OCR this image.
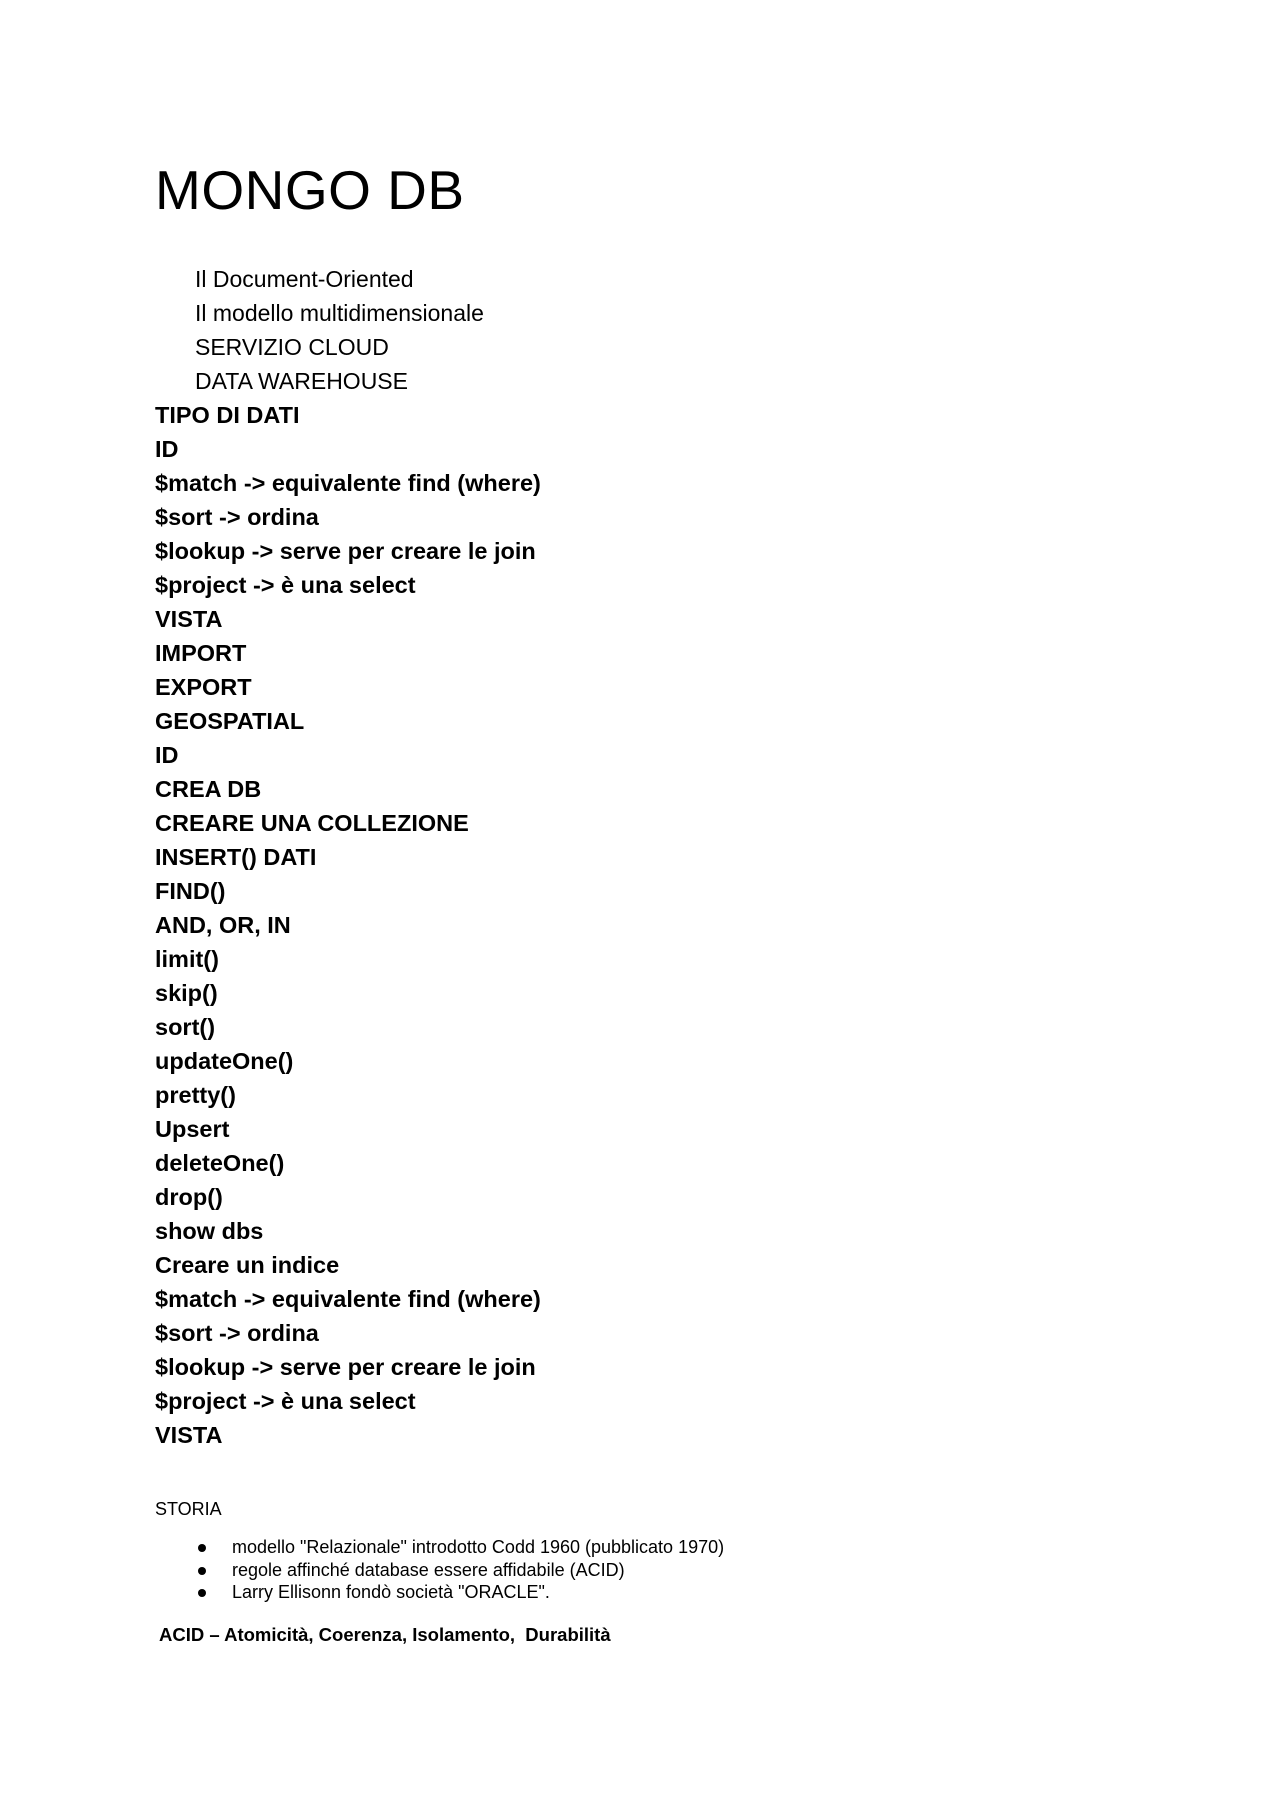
MONGO DB
Il Document-Oriented
Il modello multidimensionale
SERVIZIO CLOUD
DATA WAREHOUSE
TIPO DI DATI
ID
$match -> equivalente find (where)
$sort -> ordina
$lookup -> serve per creare le join
$project -> è una select
VISTA
IMPORT
EXPORT
GEOSPATIAL
ID
CREA DB
CREARE UNA COLLEZIONE
INSERT() DATI
FIND()
AND, OR, IN
limit()
skip()
sort()
updateOne()
pretty()
Upsert
deleteOne()
drop()
show dbs
Creare un indice
$match -> equivalente find (where)
$sort -> ordina
$lookup -> serve per creare le join
$project -> è una select
VISTA

STORIA

modello "Relazionale" introdotto Codd 1960 (pubblicato 1970)
regole affinché database essere affidabile (ACID)
Larry Ellisonn fondò società "ORACLE".

ACID – Atomicità, Coerenza, Isolamento,  Durabilità
